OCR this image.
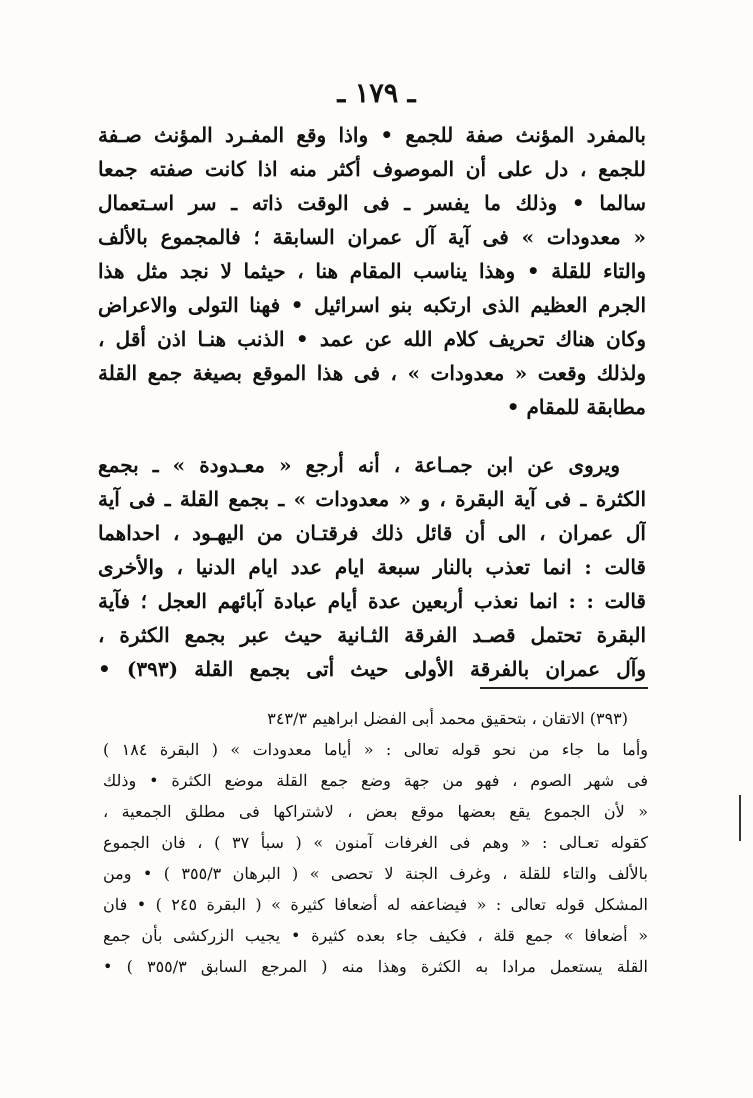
ـ ١٧٩ ـ
بالمفرد المؤنث صفة للجمع • واذا وقع المفـرد المؤنث صـفة
للجمع ، دل على أن الموصوف أكثر منه اذا كانت صفته جمعا
سالما • وذلك ما يفسر ـ فى الوقت ذاته ـ سر اسـتعمال
« معدودات » فى آية آل عمران السابقة ؛ فالمجموع بالألف
والتاء للقلة • وهذا يناسب المقام هنا ، حيثما لا نجد مثل هذا
الجرم العظيم الذى ارتكبه بنو اسرائيل • فهنا التولى والاعراض
وكان هناك تحريف كلام الله عن عمد • الذنب هنـا اذن أقل ،
ولذلك وقعت « معدودات » ، فى هذا الموقع بصيغة جمع القلة
مطابقة للمقام •
ويروى عن ابن جمـاعة ، أنه أرجع « معـدودة » ـ بجمع
الكثرة ـ فى آية البقرة ، و « معدودات » ـ بجمع القلة ـ فى آية
آل عمران ، الى أن قائل ذلك فرقتـان من اليهـود ، احداهما
قالت : انما تعذب بالنار سبعة ايام عدد ايام الدنيا ، والأخرى
قالت : : انما نعذب أربعين عدة أيام عبادة آبائهم العجل ؛ فآية
البقرة تحتمل قصـد الفرقة الثـانية حيث عبر بجمع الكثرة ،
وآل عمران بالفرقة الأولى حيث أتى بجمع القلة (٣٩٣) •
(٣٩٣) الاتقان ، بتحقيق محمد أبى الفضل ابراهيم ٣٤٣/٣
وأما ما جاء من نحو قوله تعالى : « أياما معدودات » ( البقرة ١٨٤ )
فى شهر الصوم ، فهو من جهة وضع جمع القلة موضع الكثرة • وذلك
« لأن الجموع يقع بعضها موقع بعض ، لاشتراكها فى مطلق الجمعية ،
كقوله تعـالى : « وهم فى الغرفات آمنون » ( سبأ ٣٧ ) ، فان الجموع
بالألف والتاء للقلة ، وغرف الجنة لا تحصى » ( البرهان ٣٥٥/٣ ) • ومن
المشكل قوله تعالى : « فيضاعفه له أضعافا كثيرة » ( البقرة ٢٤٥ ) • فان
« أضعافا » جمع قلة ، فكيف جاء بعده كثيرة • يجيب الزركشى بأن جمع
القلة يستعمل مرادا به الكثرة وهذا منه ( المرجع السابق ٣٥٥/٣ ) •
